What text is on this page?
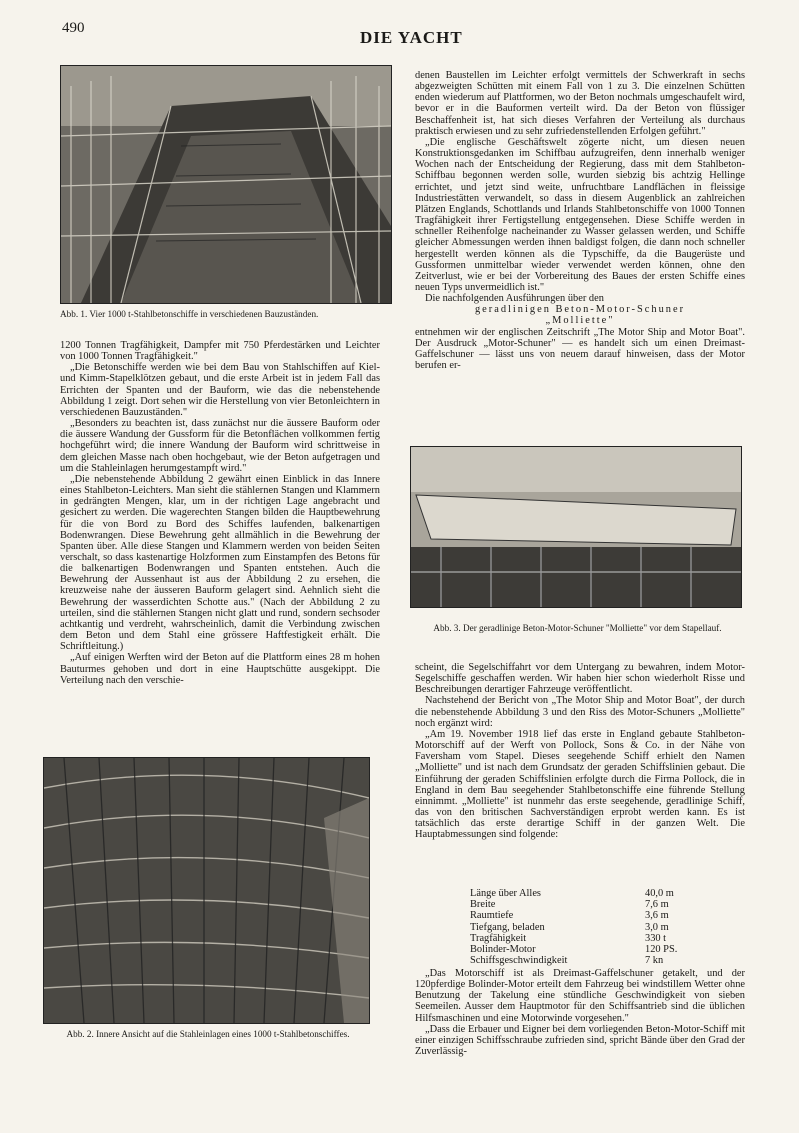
490	DIE YACHT
Abb. 1. Vier 1000 t-Stahlbetonschiffe in verschiedenen Bauzuständen.

1200 Tonnen Tragfähigkeit, Dampfer mit 750 Pferdestärken und Leichter von 1000 Tonnen Tragfähigkeit."

„Die Betonschiffe werden wie bei dem Bau von Stahlschiffen auf Kiel- und Kimm-Stapelklötzen gebaut, und die erste Arbeit ist in jedem Fall das Errichten der Spanten und der Bauform, wie das die nebenstehende Abbildung 1 zeigt. Dort sehen wir die Herstellung von vier Betonleichtern in verschiedenen Bauzuständen."

„Besonders zu beachten ist, dass zunächst nur die äussere Bauform oder die äussere Wandung der Gussform für die Betonflächen vollkommen fertig hochgeführt wird; die innere Wandung der Bauform wird schrittweise in dem gleichen Masse nach oben hochgebaut, wie der Beton aufgetragen und um die Stahleinlagen herumgestampft wird."

„Die nebenstehende Abbildung 2 gewährt einen Einblick in das Innere eines Stahlbeton-Leichters. Man sieht die stählernen Stangen und Klammern in gedrängten Mengen, klar, um in der richtigen Lage angebracht und gesichert zu werden. Die wagerechten Stangen bilden die Hauptbewehrung für die von Bord zu Bord des Schiffes laufenden, balkenartigen Bodenwrangen. Diese Bewehrung geht allmählich in die Bewehrung der Spanten über. Alle diese Stangen und Klammern werden von beiden Seiten verschalt, so dass kastenartige Holzformen zum Einstampfen des Betons für die balkenartigen Bodenwrangen und Spanten entstehen. Auch die Bewehrung der Aussenhaut ist aus der Abbildung 2 zu ersehen, die kreuzweise nahe der äusseren Bauform gelagert sind. Aehnlich sieht die Bewehrung der wasserdichten Schotte aus." (Nach der Abbildung 2 zu urteilen, sind die stählernen Stangen nicht glatt und rund, sondern sechsoder achtkantig und verdreht, wahrscheinlich, damit die Verbindung zwischen dem Beton und dem Stahl eine grössere Haftfestigkeit erhält. Die Schriftleitung.)

„Auf einigen Werften wird der Beton auf die Plattform eines 28 m hohen Bauturmes gehoben und dort in eine Hauptschütte ausgekippt. Die Verteilung nach den verschie-

Abb. 2. Innere Ansicht auf die Stahleinlagen eines 1000 t-Stahlbetonschiffes.

denen Baustellen im Leichter erfolgt vermittels der Schwerkraft in sechs abgezweigten Schütten mit einem Fall von 1 zu 3. Die einzelnen Schütten enden wiederum auf Plattformen, wo der Beton nochmals umgeschaufelt wird, bevor er in die Bauformen verteilt wird. Da der Beton von flüssiger Beschaffenheit ist, hat sich dieses Verfahren der Verteilung als durchaus praktisch erwiesen und zu sehr zufriedenstellenden Erfolgen geführt."

„Die englische Geschäftswelt zögerte nicht, um diesen neuen Konstruktionsgedanken im Schiffbau aufzugreifen, denn innerhalb weniger Wochen nach der Entscheidung der Regierung, dass mit dem Stahlbeton-Schiffbau begonnen werden solle, wurden siebzig bis achtzig Hellinge errichtet, und jetzt sind weite, unfruchtbare Landflächen in fleissige Industriestätten verwandelt, so dass in diesem Augenblick an zahlreichen Plätzen Englands, Schottlands und Irlands Stahlbetonschiffe von 1000 Tonnen Tragfähigkeit ihrer Fertigstellung entgegensehen. Diese Schiffe werden in schneller Reihenfolge nacheinander zu Wasser gelassen werden, und Schiffe gleicher Abmessungen werden ihnen baldigst folgen, die dann noch schneller hergestellt werden können als die Typschiffe, da die Baugerüste und Gussformen unmittelbar wieder verwendet werden können, ohne den Zeitverlust, wie er bei der Vorbereitung des Baues der ersten Schiffe eines neuen Typs unvermeidlich ist."

Die nachfolgenden Ausführungen über den

geradlinigen Beton-Motor-Schuner

„Molliette"

entnehmen wir der englischen Zeitschrift „The Motor Ship and Motor Boat". Der Ausdruck „Motor-Schuner" — es handelt sich um einen Dreimast-Gaffelschuner — lässt uns von neuem darauf hinweisen, dass der Motor berufen er-

Abb. 3. Der geradlinige Beton-Motor-Schuner "Molliette" vor dem Stapellauf.

scheint, die Segelschiffahrt vor dem Untergang zu bewahren, indem Motor-Segelschiffe geschaffen werden. Wir haben hier schon wiederholt Risse und Beschreibungen derartiger Fahrzeuge veröffentlicht.

Nachstehend der Bericht von „The Motor Ship and Motor Boat", der durch die nebenstehende Abbildung 3 und den Riss des Motor-Schuners „Molliette" noch ergänzt wird:

„Am 19. November 1918 lief das erste in England gebaute Stahlbeton-Motorschiff auf der Werft von Pollock, Sons & Co. in der Nähe von Faversham vom Stapel. Dieses seegehende Schiff erhielt den Namen „Molliette" und ist nach dem Grundsatz der geraden Schiffslinien gebaut. Die Einführung der geraden Schiffslinien erfolgte durch die Firma Pollock, die in England in dem Bau seegehender Stahlbetonschiffe eine führende Stellung einnimmt. „Molliette" ist nunmehr das erste seegehende, geradlinige Schiff, das von den britischen Sachverständigen erprobt werden kann. Es ist tatsächlich das erste derartige Schiff in der ganzen Welt. Die Hauptabmessungen sind folgende:

Länge über Alles	40,0 m
Breite	7,6 m
Raumtiefe	3,6 m
Tiefgang, beladen	3,0 m
Tragfähigkeit	330 t
Bolinder-Motor	120 PS.
Schiffsgeschwindigkeit	7 kn

„Das Motorschiff ist als Dreimast-Gaffelschuner getakelt, und der 120pferdige Bolinder-Motor erteilt dem Fahrzeug bei windstillem Wetter ohne Benutzung der Takelung eine stündliche Geschwindigkeit von sieben Seemeilen. Ausser dem Hauptmotor für den Schiffsantrieb sind die üblichen Hilfsmaschinen und eine Motorwinde vorgesehen."

„Dass die Erbauer und Eigner bei dem vorliegenden Beton-Motor-Schiff mit einer einzigen Schiffsschraube zufrieden sind, spricht Bände über den Grad der Zuverlässig-
